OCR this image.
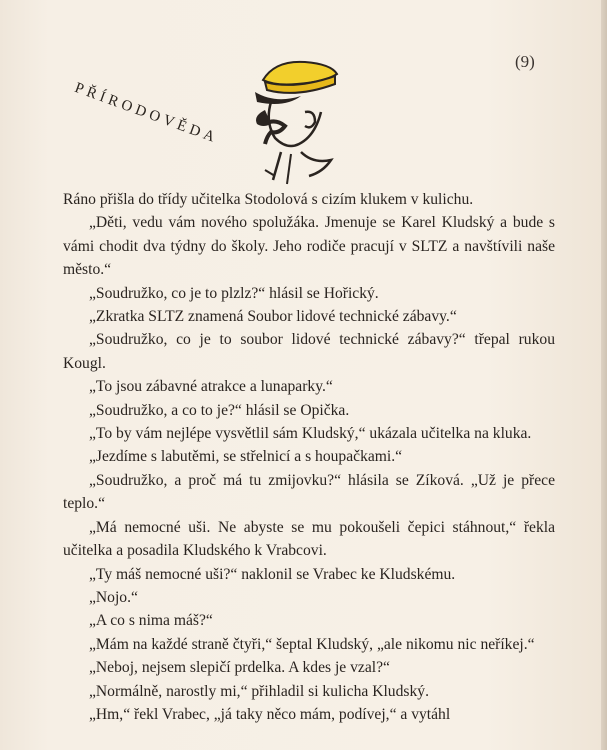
(9)
PŘÍRODOVĚDA

Ráno přišla do třídy učitelka Stodolová s cizím klukem v kulichu.

„Děti, vedu vám nového spolužáka. Jmenuje se Karel Kludský a bude s vámi chodit dva týdny do školy. Jeho rodiče pracují v SLTZ a navštívili naše město.“

„Soudružko, co je to plzlz?“ hlásil se Hořický.

„Zkratka SLTZ znamená Soubor lidové technické zábavy.“

„Soudružko, co je to soubor lidové technické zábavy?“ třepal rukou Kougl.

„To jsou zábavné atrakce a lunaparky.“

„Soudružko, a co to je?“ hlásil se Opička.

„To by vám nejlépe vysvětlil sám Kludský,“ ukázala učitelka na kluka.

„Jezdíme s labutěmi, se střelnicí a s houpačkami.“

„Soudružko, a proč má tu zmijovku?“ hlásila se Zíková. „Už je přece teplo.“

„Má nemocné uši. Ne abyste se mu pokoušeli čepici stáhnout,“ řekla učitelka a posadila Kludského k Vrabcovi.

„Ty máš nemocné uši?“ naklonil se Vrabec ke Kludskému.

„Nojo.“

„A co s nima máš?“

„Mám na každé straně čtyři,“ šeptal Kludský, „ale nikomu nic neříkej.“

„Neboj, nejsem slepičí prdelka. A kdes je vzal?“

„Normálně, narostly mi,“ přihladil si kulicha Kludský.

„Hm,“ řekl Vrabec, „já taky něco mám, podívej,“ a vytáhl
